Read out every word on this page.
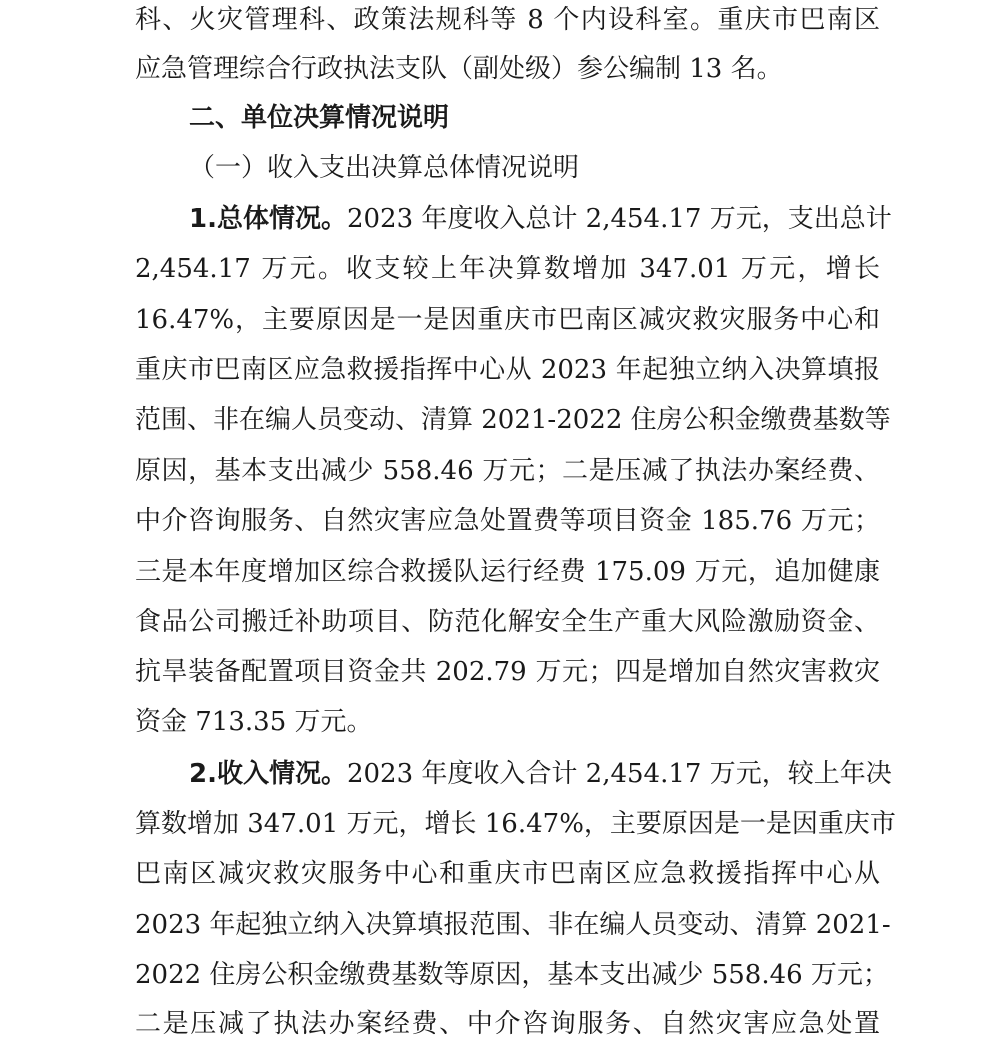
科、火灾管理科、政策法规科等 8 个内设科室。重庆市巴南区
应急管理综合行政执法支队（副处级）参公编制 13 名。
二、单位决算情况说明
（一）收入支出决算总体情况说明
1.总体情况。2023 年度收入总计 2,454.17 万元，支出总计
2,454.17 万元。收支较上年决算数增加 347.01 万元，增长
16.47%，主要原因是一是因重庆市巴南区减灾救灾服务中心和
重庆市巴南区应急救援指挥中心从 2023 年起独立纳入决算填报
范围、非在编人员变动、清算 2021-2022 住房公积金缴费基数等
原因，基本支出减少 558.46 万元；二是压减了执法办案经费、
中介咨询服务、自然灾害应急处置费等项目资金 185.76 万元；
三是本年度增加区综合救援队运行经费 175.09 万元，追加健康
食品公司搬迁补助项目、防范化解安全生产重大风险激励资金、
抗旱装备配置项目资金共 202.79 万元；四是增加自然灾害救灾
资金 713.35 万元。
2.收入情况。2023 年度收入合计 2,454.17 万元，较上年决
算数增加 347.01 万元，增长 16.47%，主要原因是一是因重庆市
巴南区减灾救灾服务中心和重庆市巴南区应急救援指挥中心从
2023 年起独立纳入决算填报范围、非在编人员变动、清算 2021-
2022 住房公积金缴费基数等原因，基本支出减少 558.46 万元；
二是压减了执法办案经费、中介咨询服务、自然灾害应急处置
